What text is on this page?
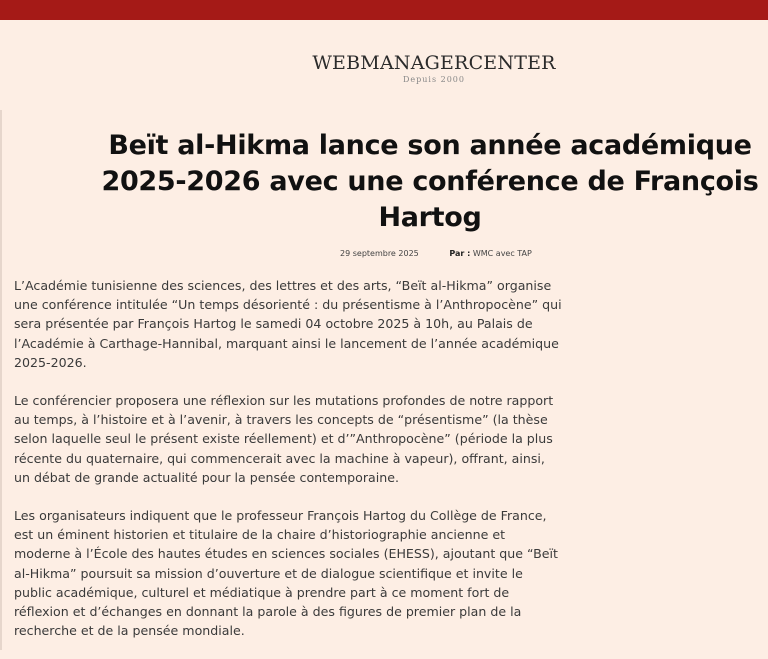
WEBMANAGERCENTER
Depuis 2000
Beït al-Hikma lance son année académique 2025-2026 avec une conférence de François Hartog
29 septembre 2025	Par : WMC avec TAP

L’Académie tunisienne des sciences, des lettres et des arts, “Beït al-Hikma” organise une conférence intitulée “Un temps désorienté : du présentisme à l’Anthropocène” qui sera présentée par François Hartog le samedi 04 octobre 2025 à 10h, au Palais de l’Académie à Carthage-Hannibal, marquant ainsi le lancement de l’année académique 2025-2026.

Le conférencier proposera une réflexion sur les mutations profondes de notre rapport au temps, à l’histoire et à l’avenir, à travers les concepts de “présentisme” (la thèse selon laquelle seul le présent existe réellement) et d’”Anthropocène” (période la plus récente du quaternaire, qui commencerait avec la machine à vapeur), offrant, ainsi, un débat de grande actualité pour la pensée contemporaine.

Les organisateurs indiquent que le professeur François Hartog du Collège de France, est un éminent historien et titulaire de la chaire d’historiographie ancienne et moderne à l’École des hautes études en sciences sociales (EHESS), ajoutant que “Beït al-Hikma” poursuit sa mission d’ouverture et de dialogue scientifique et invite le public académique, culturel et médiatique à prendre part à ce moment fort de réflexion et d’échanges en donnant la parole à des figures de premier plan de la recherche et de la pensée mondiale.
